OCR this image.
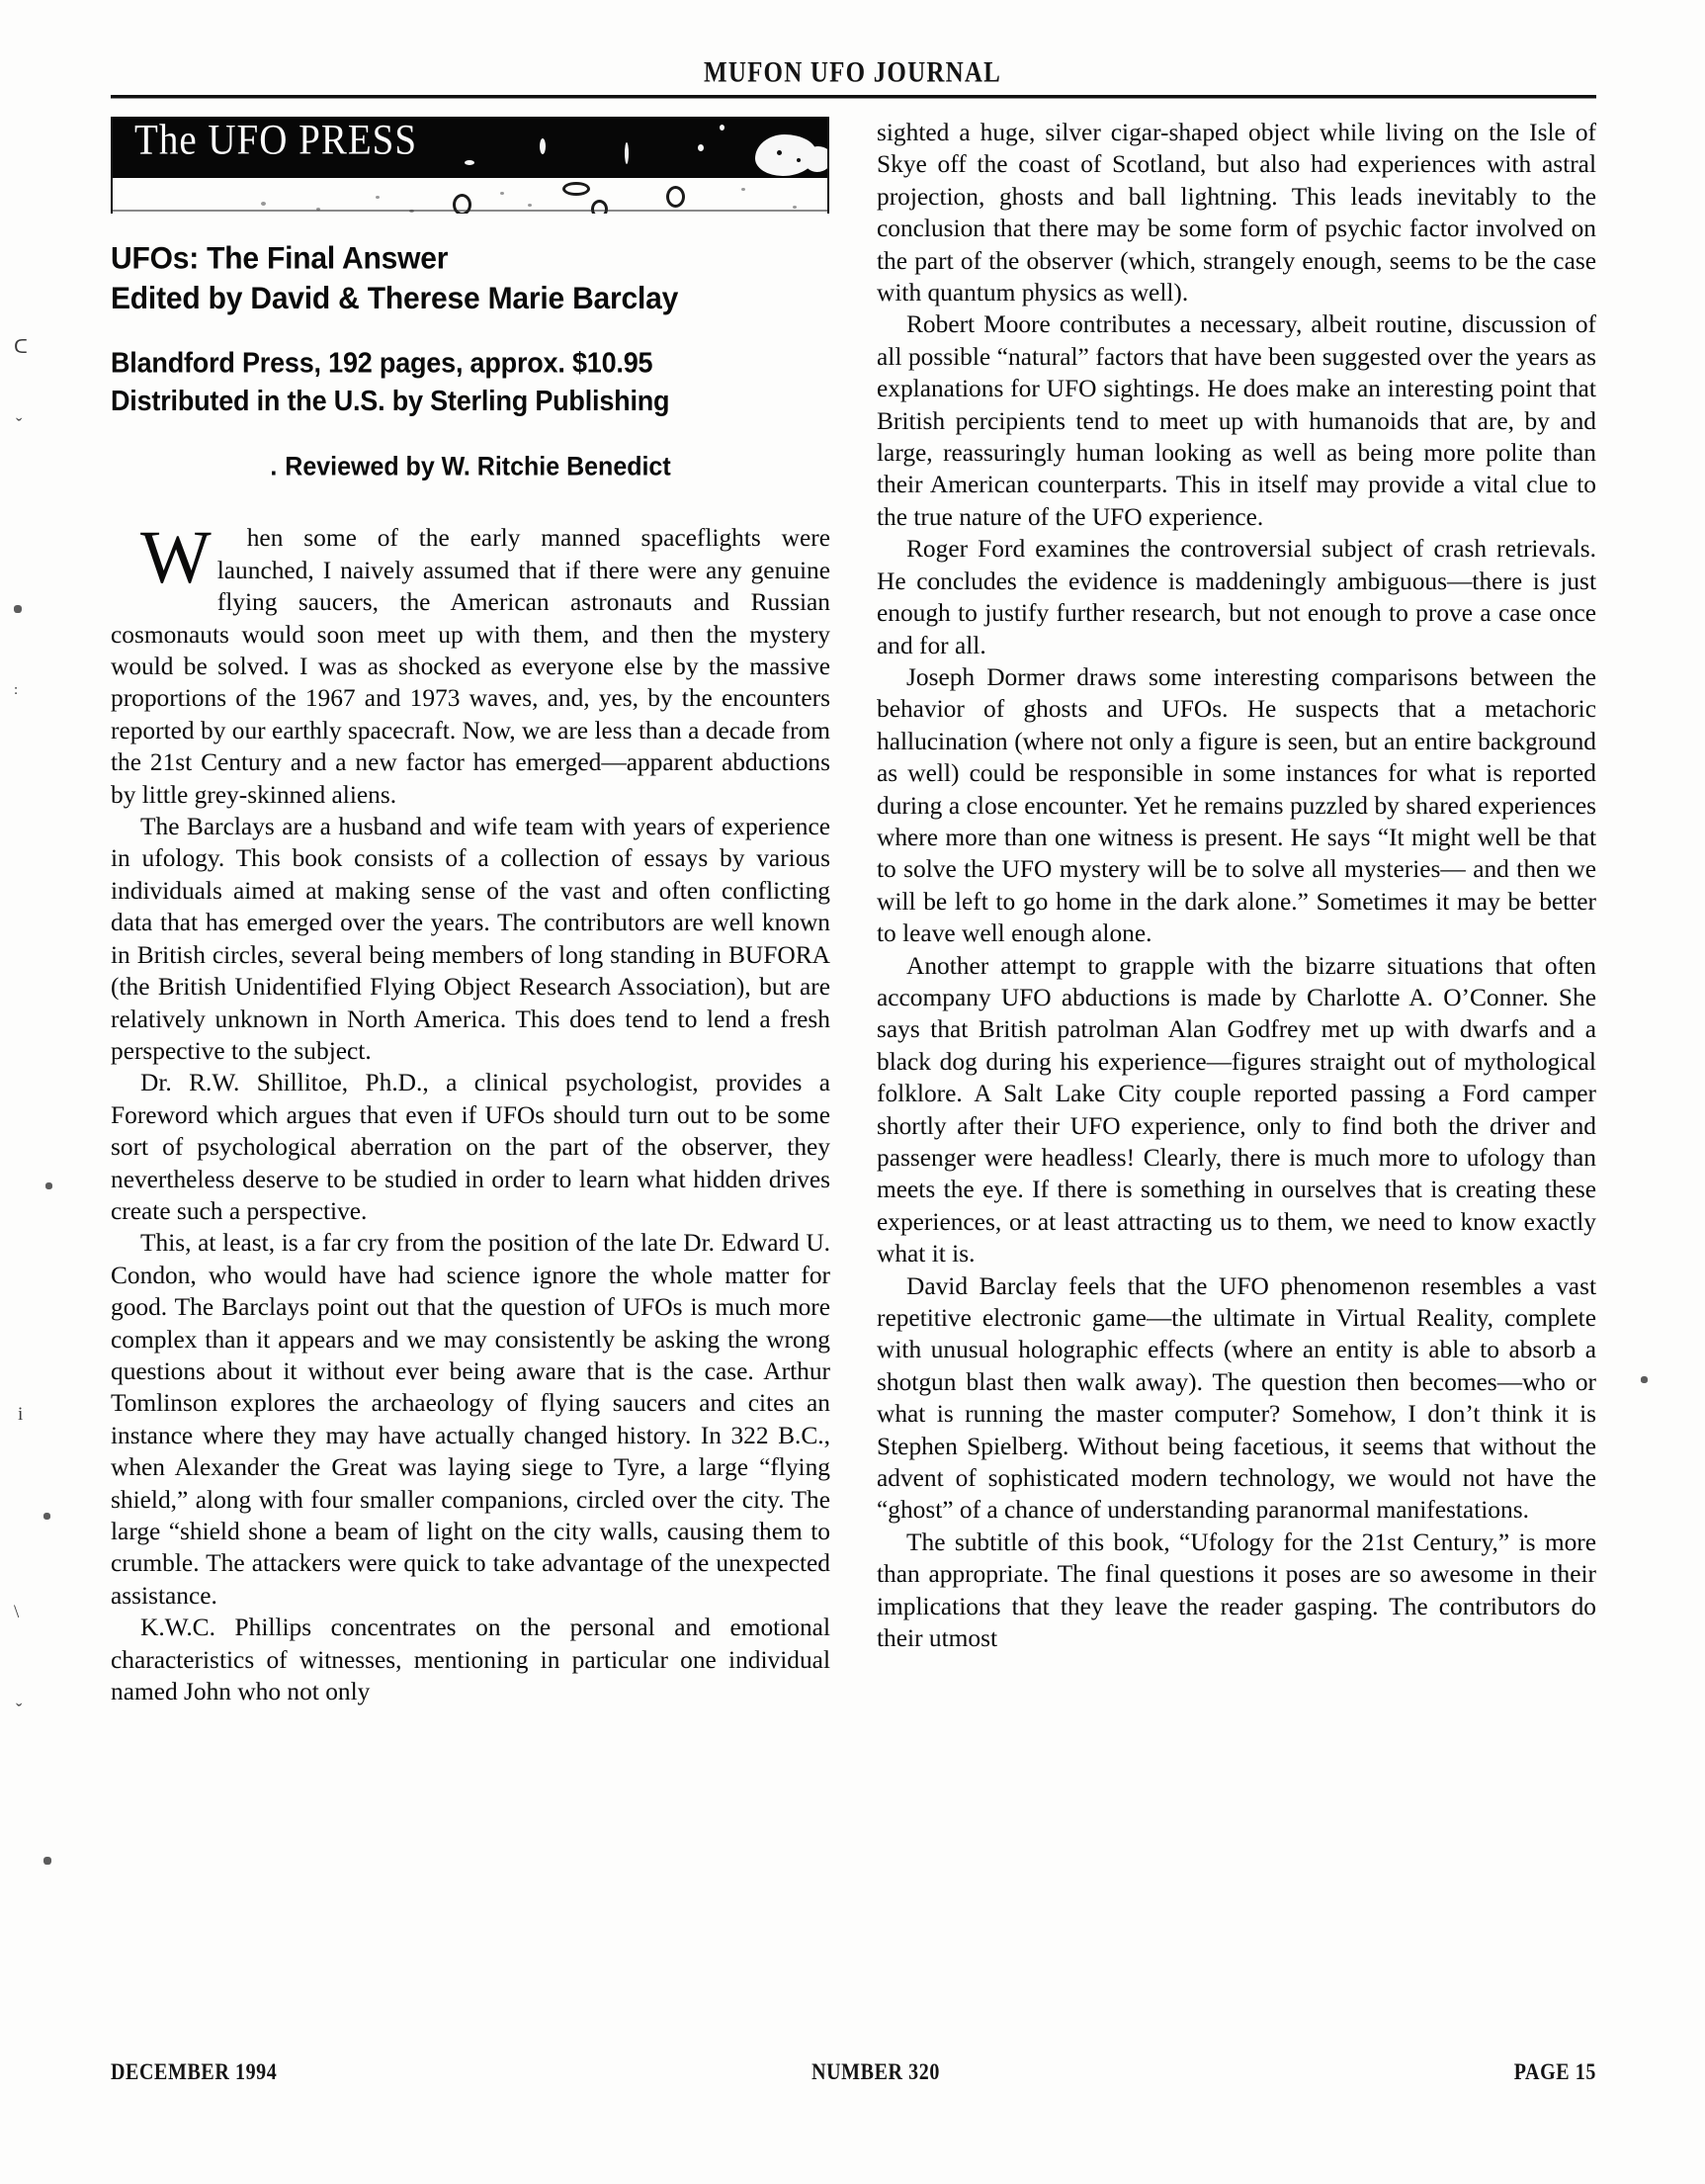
MUFON UFO JOURNAL
ᑕ
ˇ
:
i
\
ˇ
The UFO PRESS
UFOs: The Final Answer
Edited by David & Therese Marie Barclay
Blandford Press, 192 pages, approx. $10.95
Distributed in the U.S. by Sterling Publishing
.Reviewed by W. Ritchie Benedict

W hen some of the early manned spaceflights were launched, I naively assumed that if there were any genuine flying saucers, the American astronauts and Russian cosmonauts would soon meet up with them, and then the mystery would be solved. I was as shocked as everyone else by the massive proportions of the 1967 and 1973 waves, and, yes, by the encounters reported by our earthly spacecraft. Now, we are less than a decade from the 21st Century and a new factor has emerged—apparent abductions by little grey-skinned aliens.

The Barclays are a husband and wife team with years of experience in ufology. This book consists of a collection of essays by various individuals aimed at making sense of the vast and often conflicting data that has emerged over the years. The contributors are well known in British circles, several being members of long standing in BUFORA (the British Unidentified Flying Object Research Association), but are relatively unknown in North America. This does tend to lend a fresh perspective to the subject.

Dr. R.W. Shillitoe, Ph.D., a clinical psychologist, provides a Foreword which argues that even if UFOs should turn out to be some sort of psychological aberration on the part of the observer, they nevertheless deserve to be studied in order to learn what hidden drives create such a perspective.

This, at least, is a far cry from the position of the late Dr. Edward U. Condon, who would have had science ignore the whole matter for good. The Barclays point out that the question of UFOs is much more complex than it appears and we may consistently be asking the wrong questions about it without ever being aware that is the case. Arthur Tomlinson explores the archaeology of flying saucers and cites an instance where they may have actually changed history. In 322 B.C., when Alexander the Great was laying siege to Tyre, a large “flying shield,” along with four smaller companions, circled over the city. The large “shield shone a beam of light on the city walls, causing them to crumble. The attackers were quick to take advantage of the unexpected assistance.

K.W.C. Phillips concentrates on the personal and emotional characteristics of witnesses, mentioning in particular one individual named John who not only

sighted a huge, silver cigar-shaped object while living on the Isle of Skye off the coast of Scotland, but also had experiences with astral projection, ghosts and ball lightning. This leads inevitably to the conclusion that there may be some form of psychic factor involved on the part of the observer (which, strangely enough, seems to be the case with quantum physics as well).

Robert Moore contributes a necessary, albeit routine, discussion of all possible “natural” factors that have been suggested over the years as explanations for UFO sightings. He does make an interesting point that British percipients tend to meet up with humanoids that are, by and large, reassuringly human looking as well as being more polite than their American counterparts. This in itself may provide a vital clue to the true nature of the UFO experience.

Roger Ford examines the controversial subject of crash retrievals. He concludes the evidence is maddeningly ambiguous—there is just enough to justify further research, but not enough to prove a case once and for all.

Joseph Dormer draws some interesting comparisons between the behavior of ghosts and UFOs. He suspects that a metachoric hallucination (where not only a figure is seen, but an entire background as well) could be responsible in some instances for what is reported during a close encounter. Yet he remains puzzled by shared experiences where more than one witness is present. He says “It might well be that to solve the UFO mystery will be to solve all mysteries— and then we will be left to go home in the dark alone.” Sometimes it may be better to leave well enough alone.

Another attempt to grapple with the bizarre situations that often accompany UFO abductions is made by Charlotte A. O’Conner. She says that British patrolman Alan Godfrey met up with dwarfs and a black dog during his experience—figures straight out of mythological folklore. A Salt Lake City couple reported passing a Ford camper shortly after their UFO experience, only to find both the driver and passenger were headless! Clearly, there is much more to ufology than meets the eye. If there is something in ourselves that is creating these experiences, or at least attracting us to them, we need to know exactly what it is.

David Barclay feels that the UFO phenomenon resembles a vast repetitive electronic game—the ultimate in Virtual Reality, complete with unusual holographic effects (where an entity is able to absorb a shotgun blast then walk away). The question then becomes—who or what is running the master computer? Somehow, I don’t think it is Stephen Spielberg. Without being facetious, it seems that without the advent of sophisticated modern technology, we would not have the “ghost” of a chance of understanding paranormal manifestations.

The subtitle of this book, “Ufology for the 21st Century,” is more than appropriate. The final questions it poses are so awesome in their implications that they leave the reader gasping. The contributors do their utmost

DECEMBER 1994	NUMBER 320	PAGE 15
